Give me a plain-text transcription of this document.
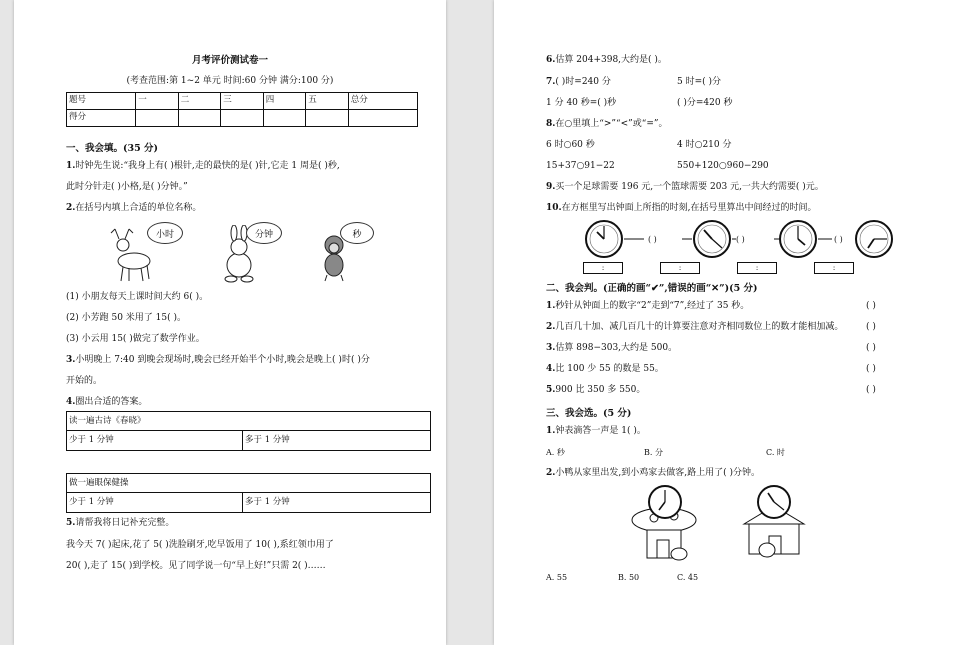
月考评价测试卷一
(考查范围:第 1~2 单元 时间:60 分钟 满分:100 分)
题号	一	二	三	四	五	总分
得分						
一、我会填。(35 分)
1.时钟先生说:“我身上有( )根针,走的最快的是( )针,它走 1 周是( )秒,
此时分针走( )小格,是( )分钟。”
2.在括号内填上合适的单位名称。
小时	分钟	秒
(1) 小朋友每天上课时间大约 6( )。
(2) 小芳跑 50 米用了 15( )。
(3) 小云用 15( )做完了数学作业。
3.小明晚上 7:40 到晚会现场时,晚会已经开始半个小时,晚会是晚上( )时( )分
开始的。
4.圈出合适的答案。
读一遍古诗《春晓》
少于 1 分钟	多于 1 分钟
做一遍眼保健操
少于 1 分钟	多于 1 分钟
5.请帮我将日记补充完整。
我今天 7( )起床,花了 5( )洗脸刷牙,吃早饭用了 10( ),系红领巾用了
20( ),走了 15( )到学校。见了同学说一句“早上好!”只需 2( )……
6.估算 204+398,大约是( )。
7.( )时=240 分	5 时=( )分
1 分 40 秒=( )秒	( )分=420 秒
8.在○里填上“>”“<”或“=”。
6 时○60 秒	4 时○210 分
15+37○91−22	550+120○960−290
9.买一个足球需要 196 元,一个篮球需要 203 元,一共大约需要( )元。
10.在方框里写出钟面上所指的时刻,在括号里算出中间经过的时间。
( )	( )	( )
:	:	:	:
二、我会判。(正确的画“✔”,错误的画“✕”)(5 分)
1.秒针从钟面上的数字“2”走到“7”,经过了 35 秒。	( )
2.几百几十加、减几百几十的计算要注意对齐相同数位上的数才能相加减。	( )
3.估算 898−303,大约是 500。	( )
4.比 100 少 55 的数是 55。	( )
5.900 比 350 多 550。	( )
三、我会选。(5 分)
1.钟表滴答一声是 1( )。
A. 秒	B. 分	C. 时
2.小鸭从家里出发,到小鸡家去做客,路上用了( )分钟。
A. 55	B. 50	C. 45
